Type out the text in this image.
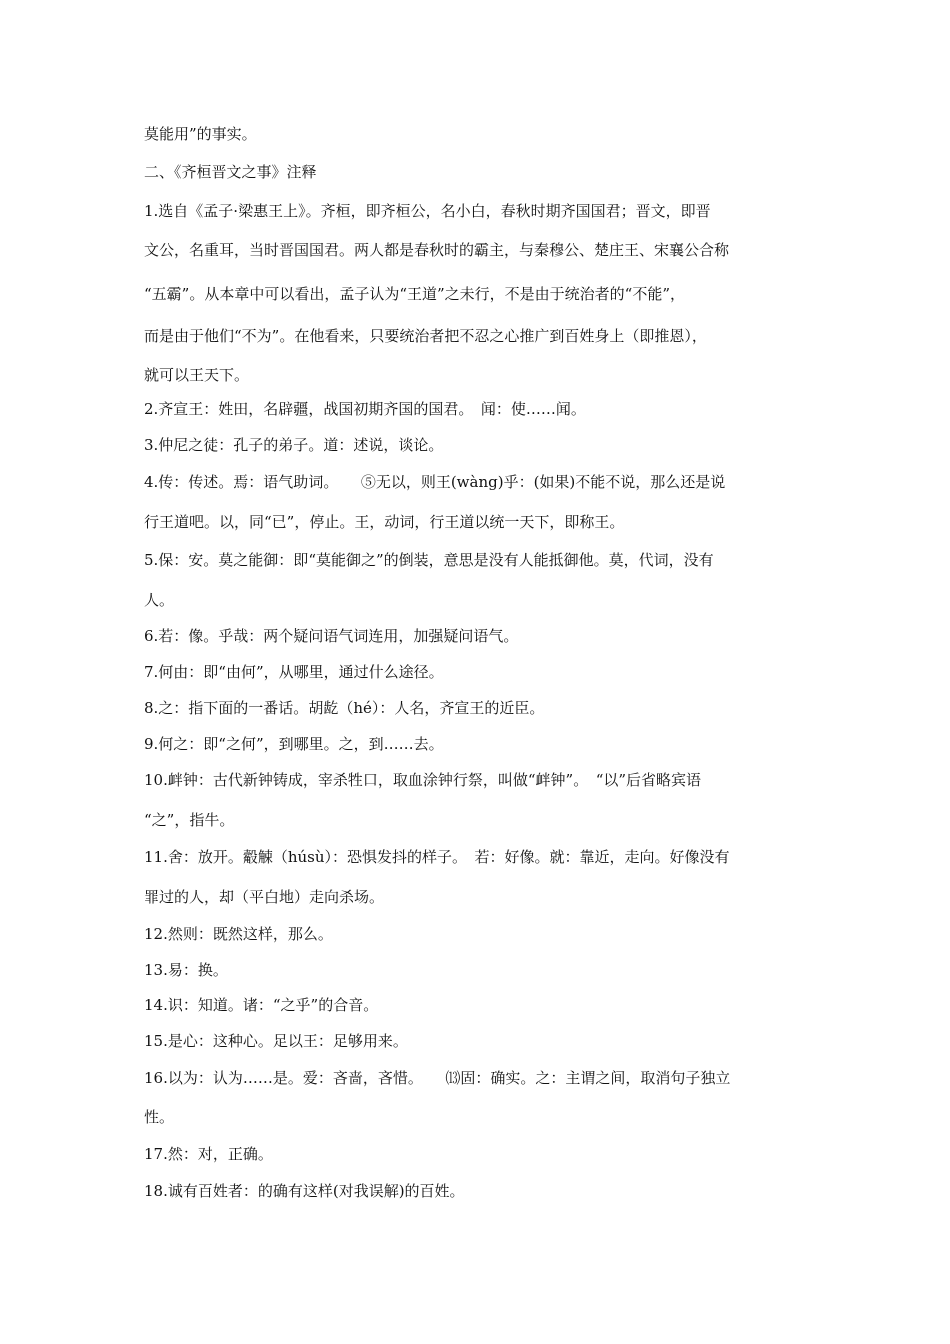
莫能用”的事实。
二、《齐桓晋文之事》注释
1.选自《孟子·梁惠王上》。齐桓，即齐桓公，名小白，春秋时期齐国国君；晋文，即晋
文公，名重耳，当时晋国国君。两人都是春秋时的霸主，与秦穆公、楚庄王、宋襄公合称
“五霸”。从本章中可以看出，孟子认为“王道”之未行，不是由于统治者的“不能”，
而是由于他们“不为”。在他看来，只要统治者把不忍之心推广到百姓身上（即推恩），
就可以王天下。
2.齐宣王：姓田，名辟疆，战国初期齐国的国君。　闻：使……闻。
3.仲尼之徒：孔子的弟子。道：述说，谈论。
4.传：传述。焉：语气助词。　　⑤无以，则王(wàng)乎：(如果)不能不说，那么还是说
行王道吧。以，同“已”，停止。王，动词，行王道以统一天下，即称王。
5.保：安。莫之能御：即“莫能御之”的倒装，意思是没有人能抵御他。莫，代词，没有
人。
6.若：像。乎哉：两个疑问语气词连用，加强疑问语气。
7.何由：即“由何”，从哪里，通过什么途径。
8.之：指下面的一番话。胡龁（hé）：人名，齐宣王的近臣。
9.何之：即“之何”，到哪里。之，到……去。
10.衅钟：古代新钟铸成，宰杀牲口，取血涂钟行祭，叫做“衅钟”。　“以”后省略宾语
“之”，指牛。
11.舍：放开。觳觫（húsù）：恐惧发抖的样子。　若：好像。就：靠近，走向。好像没有
罪过的人，却（平白地）走向杀场。
12.然则：既然这样，那么。
13.易：换。
14.识：知道。诸：“之乎”的合音。
15.是心：这种心。足以王：足够用来。
16.以为：认为……是。爱：吝啬，吝惜。　　⒀固：确实。之：主谓之间，取消句子独立
性。
17.然：对，正确。
18.诚有百姓者：的确有这样(对我误解)的百姓。
